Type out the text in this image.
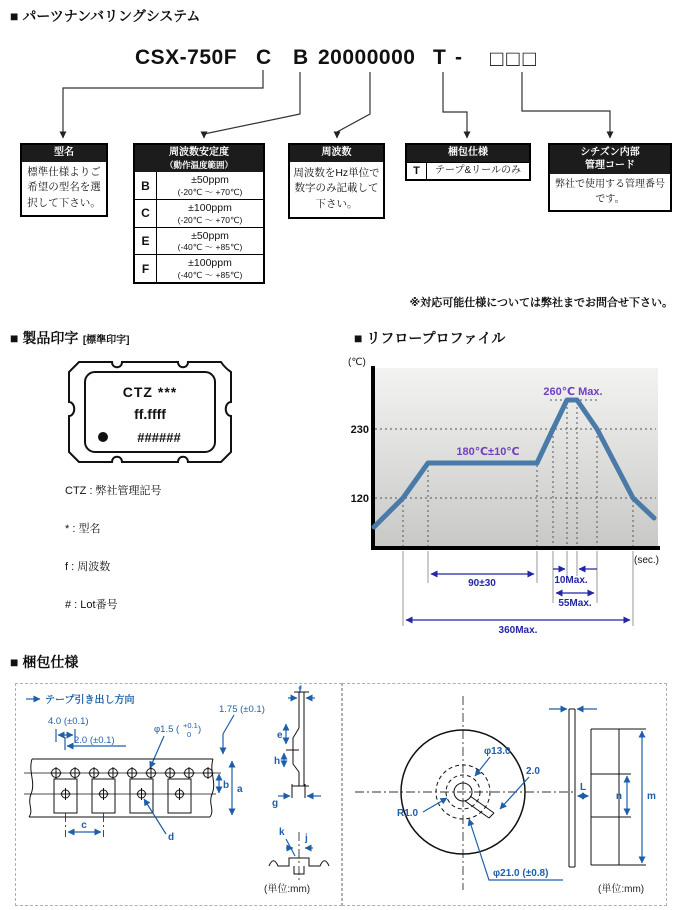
■ パーツナンバリングシステム
CSX-750F C B 20000000 T - □□□
型名
標準仕様よりご希望の型名を選択して下さい。
周波数安定度
（動作温度範囲）
B	±50ppm
(-20℃ ～ +70℃)
C	±100ppm
(-20℃ ～ +70℃)
E	±50ppm
(-40℃ ～ +85℃)
F	±100ppm
(-40℃ ～ +85℃)
周波数
周波数をHz単位で数字のみ記載して下さい。
梱包仕様
T	テープ&リールのみ
シチズン内部
管理コード
弊社で使用する管理番号です。
※対応可能仕様については弊社までお問合せ下さい。
■ 製品印字 [標準印字]
CTZ ***
ff.ffff
######
CTZ : 弊社管理記号
* : 型名
f : 周波数
# : Lot番号
■ リフロープロファイル
90±30	10Max.
55Max.
360Max.
(℃)
230
120
(sec.)
180℃±10℃
260℃ Max.
■ 梱包仕様
テープ引き出し方向
4.0 (±0.1)
2.0 (±0.1)
φ1.5 ( +0.1
0 )
1.75 (±0.1)
b a
c
d
f
e
h
g
k
j
(単位:mm)
φ13.0
2.0
R1.0
φ21.0 (±0.8)
L
n	m
(単位:mm)
